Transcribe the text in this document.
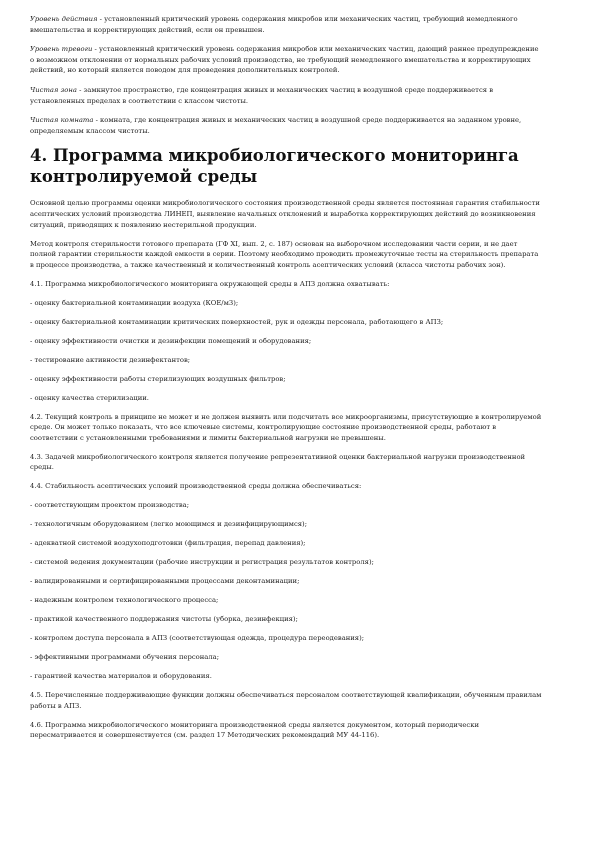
Уровень действия - установленный критический уровень содержания микробов или механических частиц, требующий немедленного вмешательства и корректирующих действий, если он превышен.

Уровень тревоги - установленный критический уровень содержания микробов или механических частиц, дающий раннее предупреждение о возможном отклонении от нормальных рабочих условий производства, не требующий немедленного вмешательства и корректирующих действий, но который является поводом для проведения дополнительных контролей.

Чистая зона - замкнутое пространство, где концентрация живых и механических частиц в воздушной среде поддерживается в установленных пределах в соответствии с классом чистоты.

Чистая комната - комната, где концентрация живых и механических частиц в воздушной среде поддерживается на заданном уровне, определяемым классом чистоты.

4. Программа микробиологического мониторинга контролируемой среды

Основной целью программы оценки микробиологического состояния производственной среды является постоянная гарантия стабильности асептических условий производства ЛИНЕП, выявление начальных отклонений и выработка корректирующих действий до возникновения ситуаций, приводящих к появлению нестерильной продукции.

Метод контроля стерильности готового препарата (ГФ XI, вып. 2, с. 187) основан на выборочном исследовании части серии, и не дает полной гарантии стерильности каждой емкости в серии. Поэтому необходимо проводить промежуточные тесты на стерильность препарата в процессе производства, а также качественный и количественный контроль асептических условий (класса чистоты рабочих зон).

4.1. Программа микробиологического мониторинга окружающей среды в АПЗ должна охватывать:

- оценку бактериальной контаминации воздуха (КОЕ/м3);

- оценку бактериальной контаминации критических поверхностей, рук и одежды персонала, работающего в АПЗ;

- оценку эффективности очистки и дезинфекции помещений и оборудования;

- тестирование активности дезинфектантов;

- оценку эффективности работы стерилизующих воздушных фильтров;

- оценку качества стерилизации.

4.2. Текущий контроль в принципе не может и не должен выявить или подсчитать все микроорганизмы, присутствующие в контролируемой среде. Он может только показать, что все ключевые системы, контролирующие состояние производственной среды, работают в соответствии с установленными требованиями и лимиты бактериальной нагрузки не превышены.

4.3. Задачей микробиологического контроля является получение репрезентативной оценки бактериальной нагрузки производственной среды.

4.4. Стабильность асептических условий производственной среды должна обеспечиваться:

- соответствующим проектом производства;

- технологичным оборудованием (легко моющимся и дезинфицирующимся);

- адекватной системой воздухоподготовки (фильтрация, перепад давления);

- системой ведения документации (рабочие инструкции и регистрация результатов контроля);

- валидированными и сертифицированными процессами деконтаминации;

- надежным контролем технологического процесса;

- практикой качественного поддержания чистоты (уборка, дезинфекция);

- контролем доступа персонала в АПЗ (соответствующая одежда, процедура переодевания);

- эффективными программами обучения персонала;

- гарантией качества материалов и оборудования.

4.5. Перечисленные поддерживающие функции должны обеспечиваться персоналом соответствующей квалификации, обученным правилам работы в АПЗ.

4.6. Программа микробиологического мониторинга производственной среды является документом, который периодически пересматривается и совершенствуется (см. раздел 17 Методических рекомендаций МУ 44-116).
